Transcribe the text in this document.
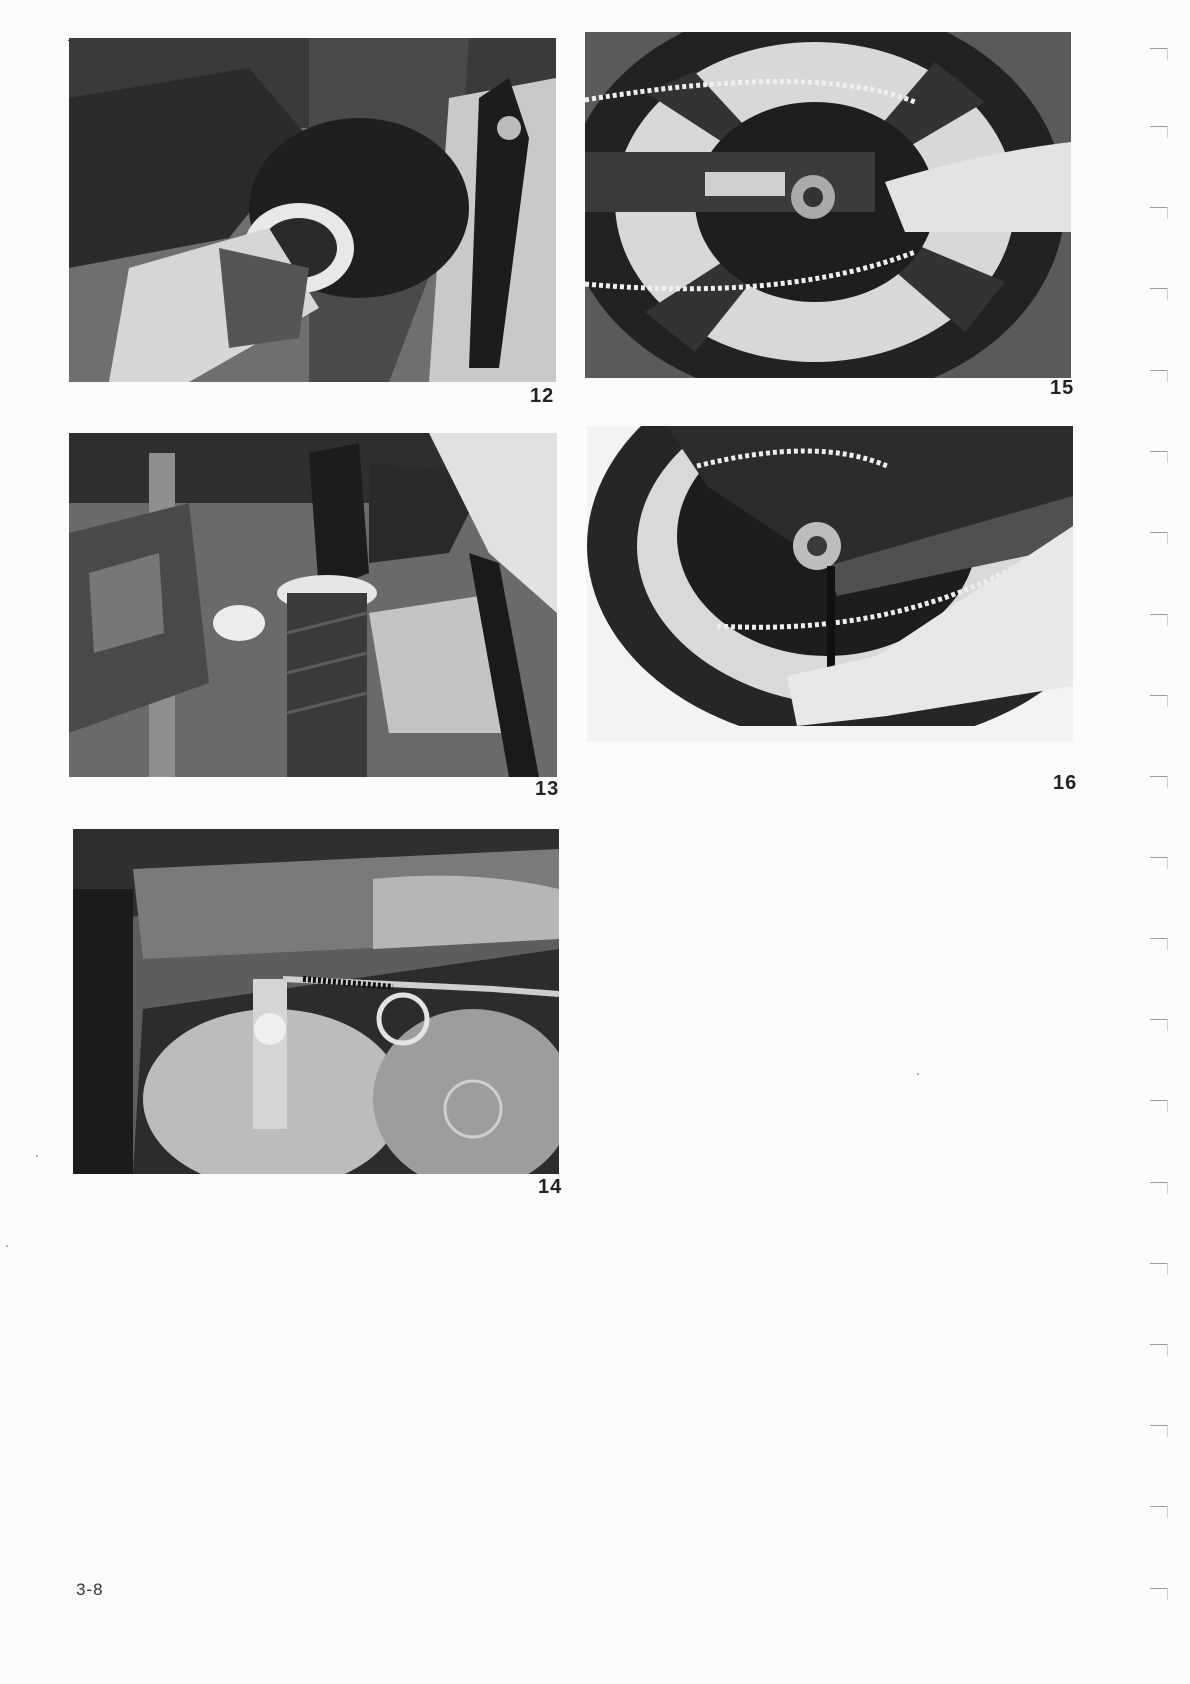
12	15
13	16
14
3-8
